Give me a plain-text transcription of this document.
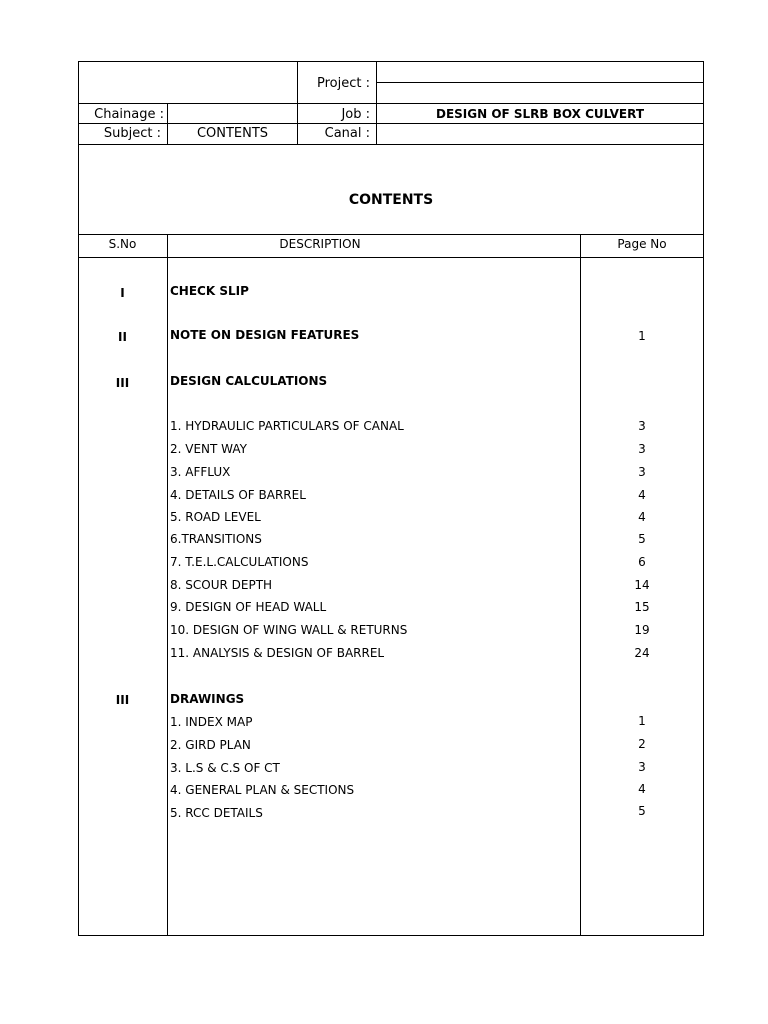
Project :
Chainage :	Job :	DESIGN OF SLRB BOX CULVERT
Subject :	CONTENTS	Canal :
CONTENTS
S.No	DESCRIPTION	Page No
I	CHECK SLIP
II	NOTE ON DESIGN FEATURES	1
III	DESIGN CALCULATIONS
1. HYDRAULIC PARTICULARS OF CANAL	3
2. VENT WAY	3
3. AFFLUX	3
4. DETAILS OF BARREL	4
5. ROAD LEVEL	4
6.TRANSITIONS	5
7. T.E.L.CALCULATIONS	6
8. SCOUR DEPTH	14
9. DESIGN OF HEAD WALL	15
10. DESIGN OF WING WALL & RETURNS	19
11. ANALYSIS & DESIGN OF BARREL	24
III	DRAWINGS
1. INDEX MAP	1
2. GIRD PLAN	2
3. L.S & C.S OF CT	3
4. GENERAL PLAN & SECTIONS	4
5. RCC DETAILS	5
